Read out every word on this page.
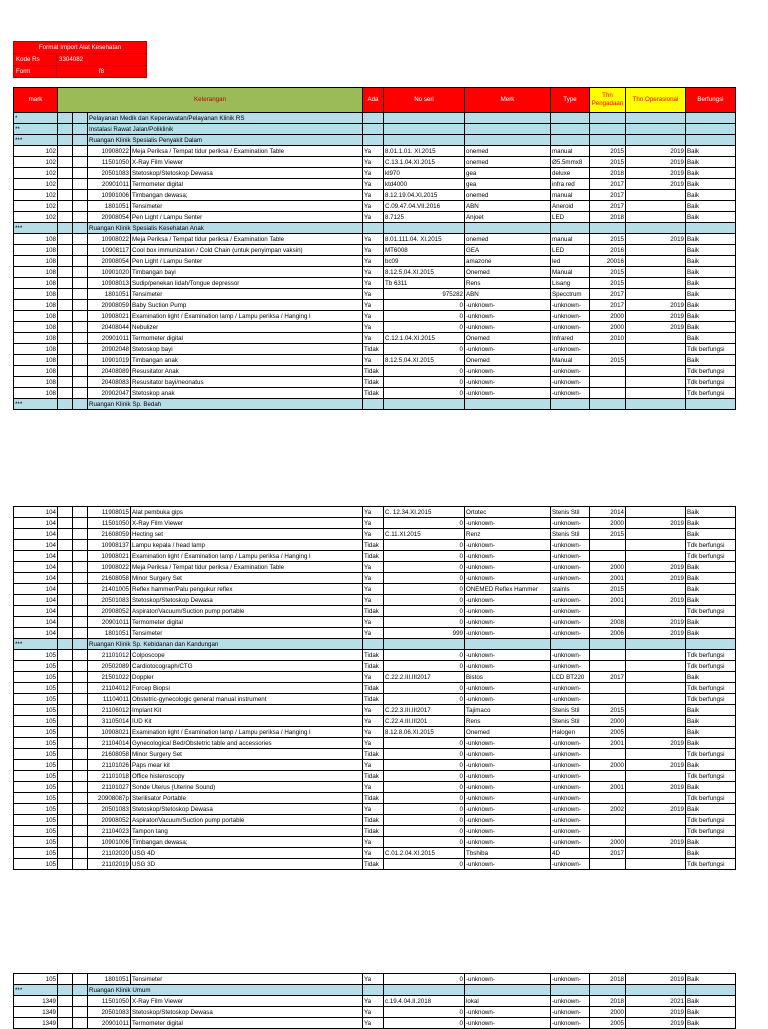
Format Import Alat Kesehatan	
Kode Rs	3304082
Form	f8
mark	Keterangan				Ada	No seri	Merk	Type	Thn Pengadaan	Thn Operasional	Berfungsi
*			Pelayanan Medik dan Keperawatan/Pelayanan Klinik RS								
**			Instalasi Rawat Jalan/Poliklinik								
***			Ruangan Klinik Spesialis Penyakit Dalam								
102			10908022	Meja Periksa / Tempat tidur periksa / Examination Table	Ya	8.01.1.01. XI.2015	onemed	manual	2015	2019	Baik
102			11501050	X-Ray Film Viewer	Ya	C.13.1.04.XI.2015	onemed	Ø5.5mmx8	2015	2019	Baik
102			20501083	Stetoskop/Stetoskop Dewasa	Ya	kl970	gea	deluxe	2018	2019	Baik
102			20901011	Termometer digital	Ya	ktd4000	gea	infra red	2017	2019	Baik
102			10901006	Timbangan dewasa;	Ya	8.12.19.04.XI.2015	onemed	manual	2017		Baik
102			1801051	Tensimeter	Ya	C.09.47.04.VII.2016	ABN	Aneroid	2017		Baik
102			20908054	Pen Light / Lampu Senter	Ya	8.7125	Anjoet	LED	2018		Baik
***			Ruangan Klinik Spesialis Kesehatan Anak								
108			10908022	Meja Periksa / Tempat tidur periksa / Examination Table	Ya	8.01.111.04. XI.2015	onemed	manual	2015	2019	Baik
108			10908117	Cool box immunization / Cold Chain (untuk penyimpan vaksin)	Ya	MT6008	GEA	LED	2016		Baik
108			20908054	Pen Light / Lampu Senter	Ya	bc09	amazone	led	20016		Baik
108			10901020	Timbangan bayi	Ya	8.12.5.04.XI.2015	Onemed	Manual	2015		Baik
108			10908013	Sudip/penekan lidah/Tongue depressor	Ya	Tb 6311	Rens	Lisang	2015		Baik
108			1801051	Tensimeter	Ya	975282	ABN	Specctrum	2017		Baik
108			20908059	Baby Suction Pump	Ya	0	-unknown-	-unknown-	2017	2019	Baik
108			10908021	Examination light / Examination lamp / Lampu periksa / Hanging l	Ya	0	-unknown-	-unknown-	2000	2019	Baik
108			20408044	Nebulizer	Ya	0	-unknown-	-unknown-	2000	2019	Baik
108			20901011	Termometer digital	Ya	C.12.1.04.XI.2015	Onemed	Infrared	2010		Baik
108			20902048	Stetoskop bayi	Tidak	0	-unknown-	-unknown-			Tdk berfungsi
108			10901019	Timbangan anak	Ya	8.12.5.04.XI.2015	Onemed	Manual	2015		Baik
108			20408089	Resusitator Anak	Tidak	0	-unknown-	-unknown-			Tdk berfungsi
108			20408083	Resusitator bayi/neonatus	Tidak	0	-unknown-	-unknown-			Tdk berfungsi
108			20902047	Stetoskop anak	Tidak	0	-unknown-	-unknown-			Tdk berfungsi
***			Ruangan Klinik Sp. Bedah								
104			11908015	Alat pembuka gips	Ya	C. 12.34.XI.2015	Ortotec	Stenis Stil	2014		Baik
104			11501050	X-Ray Film Viewer	Ya	0	-unknown-	-unknown-	2000	2019	Baik
104			21608059	Hecting set	Ya	C.11.XI.2015	Renz	Stenis Stil	2015		Baik
104			10908137	Lampu kepala / head lamp	Tidak	0	-unknown-	-unknown-			Tdk berfungsi
104			10908021	Examination light / Examination lamp / Lampu periksa / Hanging l	Tidak	0	-unknown-	-unknown-			Tdk berfungsi
104			10908022	Meja Periksa / Tempat tidur periksa / Examination Table	Ya	0	-unknown-	-unknown-	2000	2019	Baik
104			21608058	Minor Surgery Set	Ya	0	-unknown-	-unknown-	2001	2019	Baik
104			21401005	Reflex hammer/Palu pengukur reflex	Ya	0	ONEMED Reflex Hammer	stainls	2015		Baik
104			20501083	Stetoskop/Stetoskop Dewasa	Ya	0	-unknown-	-unknown-	2001	2019	Baik
104			20908052	Aspirator/Vacuum/Suction pump portable	Tidak	0	-unknown-	-unknown-			Tdk berfungsi
104			20901011	Termometer digital	Ya	0	-unknown-	-unknown-	2008	2019	Baik
104			1801051	Tensimeter	Ya	999	-unknown-	-unknown-	2006	2019	Baik
***			Ruangan Klinik Sp. Kebidanan dan Kandungan								
105			21101012	Colposcope	Tidak	0	-unknown-	-unknown-			Tdk berfungsi
105			20502089	Cardiotocograph/CTG	Tidak	0	-unknown-	-unknown-			Tdk berfungsi
105			21501022	Doppler	Ya	C.22.2.III.III2017	Bistos	LCD BT220	2017		Baik
105			21104012	Forcep Biopsi	Tidak	0	-unknown-	-unknown-			Tdk berfungsi
105			11104011	Obstetric-gynecologic general manual instrument	Tidak	0	-unknown-	-unknown-			Tdk berfungsi
105			21106012	Implant Kit	Ya	C.22.3.III.III2017	Tajimaco	Stenis Stil	2015		Baik
105			31105014	IUD Kit	Ya	C.22.4.III.III201	Rens	Stenis Stil	2000		Baik
105			10908021	Examination light / Examination lamp / Lampu periksa / Hanging l	Ya	8.12.8.06.XI.2015	Onemed	Halogen	2005		Baik
105			21104014	Gynecological Bed/Obstetric table and accessories	Ya	0	-unknown-	-unknown-	2001	2019	Baik
105			21608058	Minor Surgery Set	Tidak	0	-unknown-	-unknown-			Tdk berfungsi
105			21101026	Paps mear kit	Ya	0	-unknown-	-unknown-	2000	2019	Baik
105			21101018	Office histeroscopy	Tidak	0	-unknown-	-unknown-			Tdk berfungsi
105			21101027	Sonde Uterus (Uterine Sound)	Ya	0	-unknown-	-unknown-	2001	2019	Baik
105			20908087p	Sterilisator Portable	Tidak	0	-unknown-	-unknown-			Tdk berfungsi
105			20501083	Stetoskop/Stetoskop Dewasa	Ya	0	-unknown-	-unknown-	2002	2019	Baik
105			20908052	Aspirator/Vacuum/Suction pump portable	Tidak	0	-unknown-	-unknown-			Tdk berfungsi
105			21104023	Tampon tang	Tidak	0	-unknown-	-unknown-			Tdk berfungsi
105			10901006	Timbangan dewasa;	Ya	0	-unknown-	-unknown-	2000	2019	Baik
105			21102020	USG 4D	Ya	C.01.2.04.XI.2015	Tbshiba	4D	2017		Baik
105			21102019	USG 3D	Tidak	0	-unknown-	-unknown-			Tdk berfungsi
105			1801051	Tensimeter	Ya	0	-unknown-	-unknown-	2018	2019	Baik
***			Ruangan Klinik Umum								
1349			11501050	X-Ray Film Viewer	Ya	c.19.4.04.II.2018	lokal	-unknown-	2018	2021	Baik
1349			20501083	Stetoskop/Stetoskop Dewasa	Ya	0	-unknown-	-unknown-	2000	2019	Baik
1349			20901011	Termometer digital	Ya	0	-unknown-	-unknown-	2005	2019	Baik
